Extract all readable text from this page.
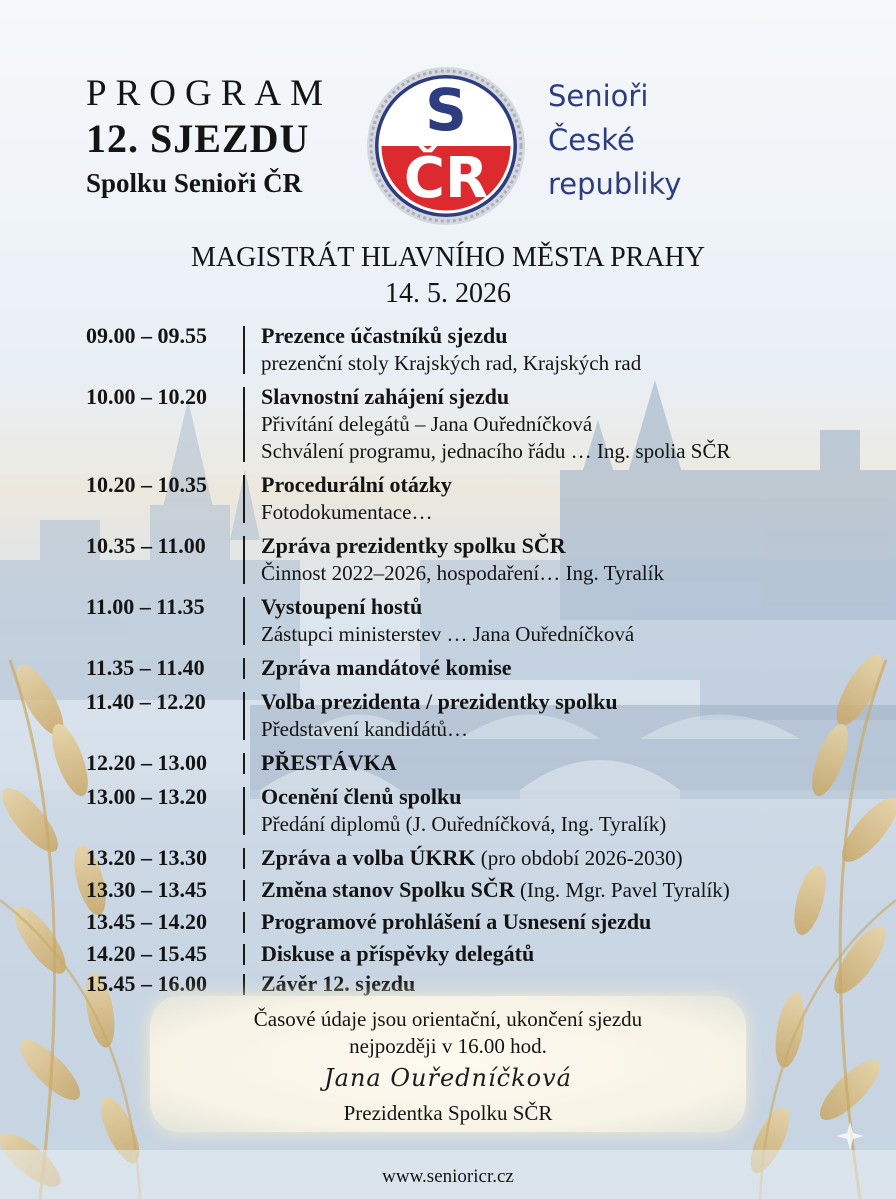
PROGRAM
12. SJEZDU
Spolku Senioři ČR
S
ČR
Senioři
České
republiky
MAGISTRÁT HLAVNÍHO MĚSTA PRAHY
14. 5. 2026
09.00 – 09.55	Prezence účastníků sjezdu
prezenční stoly Krajských rad, Krajských rad
10.00 – 10.20	Slavnostní zahájení sjezdu
Přivítání delegátů – Jana Ouředníčková
Schválení programu, jednacího řádu … Ing. spolia SČR
10.20 – 10.35	Procedurální otázky
Fotodokumentace…
10.35 – 11.00	Zpráva prezidentky spolku SČR
Činnost 2022–2026, hospodaření… Ing. Tyralík
11.00 – 11.35	Vystoupení hostů
Zástupci ministerstev … Jana Ouředníčková
11.35 – 11.40	Zpráva mandátové komise
11.40 – 12.20	Volba prezidenta / prezidentky spolku
Představení kandidátů…
12.20 – 13.00	PŘESTÁVKA
13.00 – 13.20	Ocenění členů spolku
Předání diplomů (J. Ouředníčková, Ing. Tyralík)
13.20 – 13.30	Zpráva a volba ÚKRK (pro období 2026-2030)
13.30 – 13.45	Změna stanov Spolku SČR (Ing. Mgr. Pavel Tyralík)
13.45 – 14.20	Programové prohlášení a Usnesení sjezdu
14.20 – 15.45	Diskuse a příspěvky delegátů
15.45 – 16.00	Závěr 12. sjezdu
Časové údaje jsou orientační, ukončení sjezdu
nejpozději v 16.00 hod.
Jana Ouředníčková
Prezidentka Spolku SČR
www.senioricr.cz
